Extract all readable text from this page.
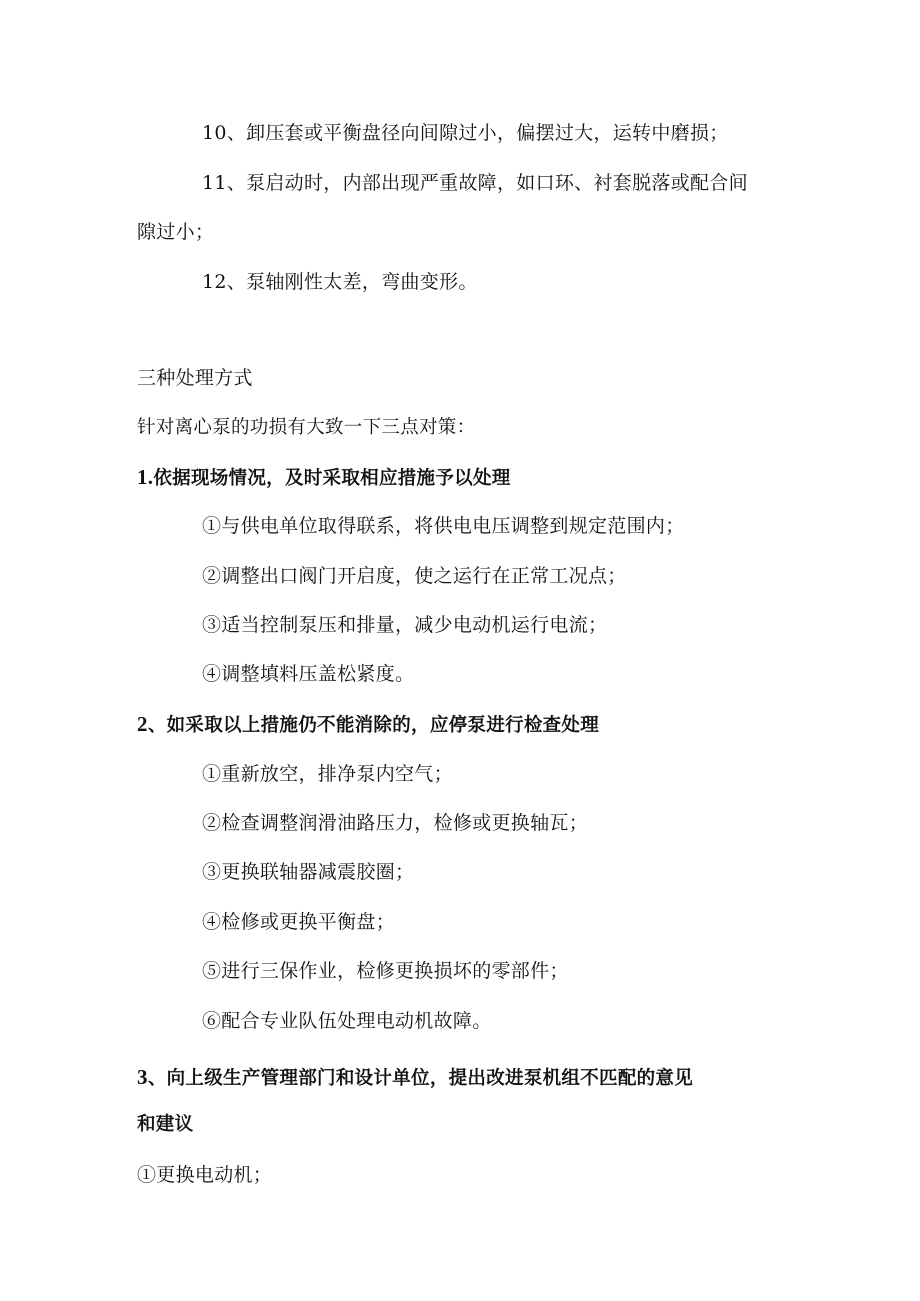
10、卸压套或平衡盘径向间隙过小，偏摆过大，运转中磨损；
11、泵启动时，内部出现严重故障，如口环、衬套脱落或配合间
隙过小；
12、泵轴刚性太差，弯曲变形。
三种处理方式
针对离心泵的功损有大致一下三点对策：
1.依据现场情况，及时采取相应措施予以处理
①与供电单位取得联系，将供电电压调整到规定范围内；
②调整出口阀门开启度，使之运行在正常工况点；
③适当控制泵压和排量，减少电动机运行电流；
④调整填料压盖松紧度。
2、如采取以上措施仍不能消除的，应停泵进行检查处理
①重新放空，排净泵内空气；
②检查调整润滑油路压力，检修或更换轴瓦；
③更换联轴器减震胶圈；
④检修或更换平衡盘；
⑤进行三保作业，检修更换损坏的零部件；
⑥配合专业队伍处理电动机故障。
3、向上级生产管理部门和设计单位，提出改进泵机组不匹配的意见
和建议
①更换电动机；
